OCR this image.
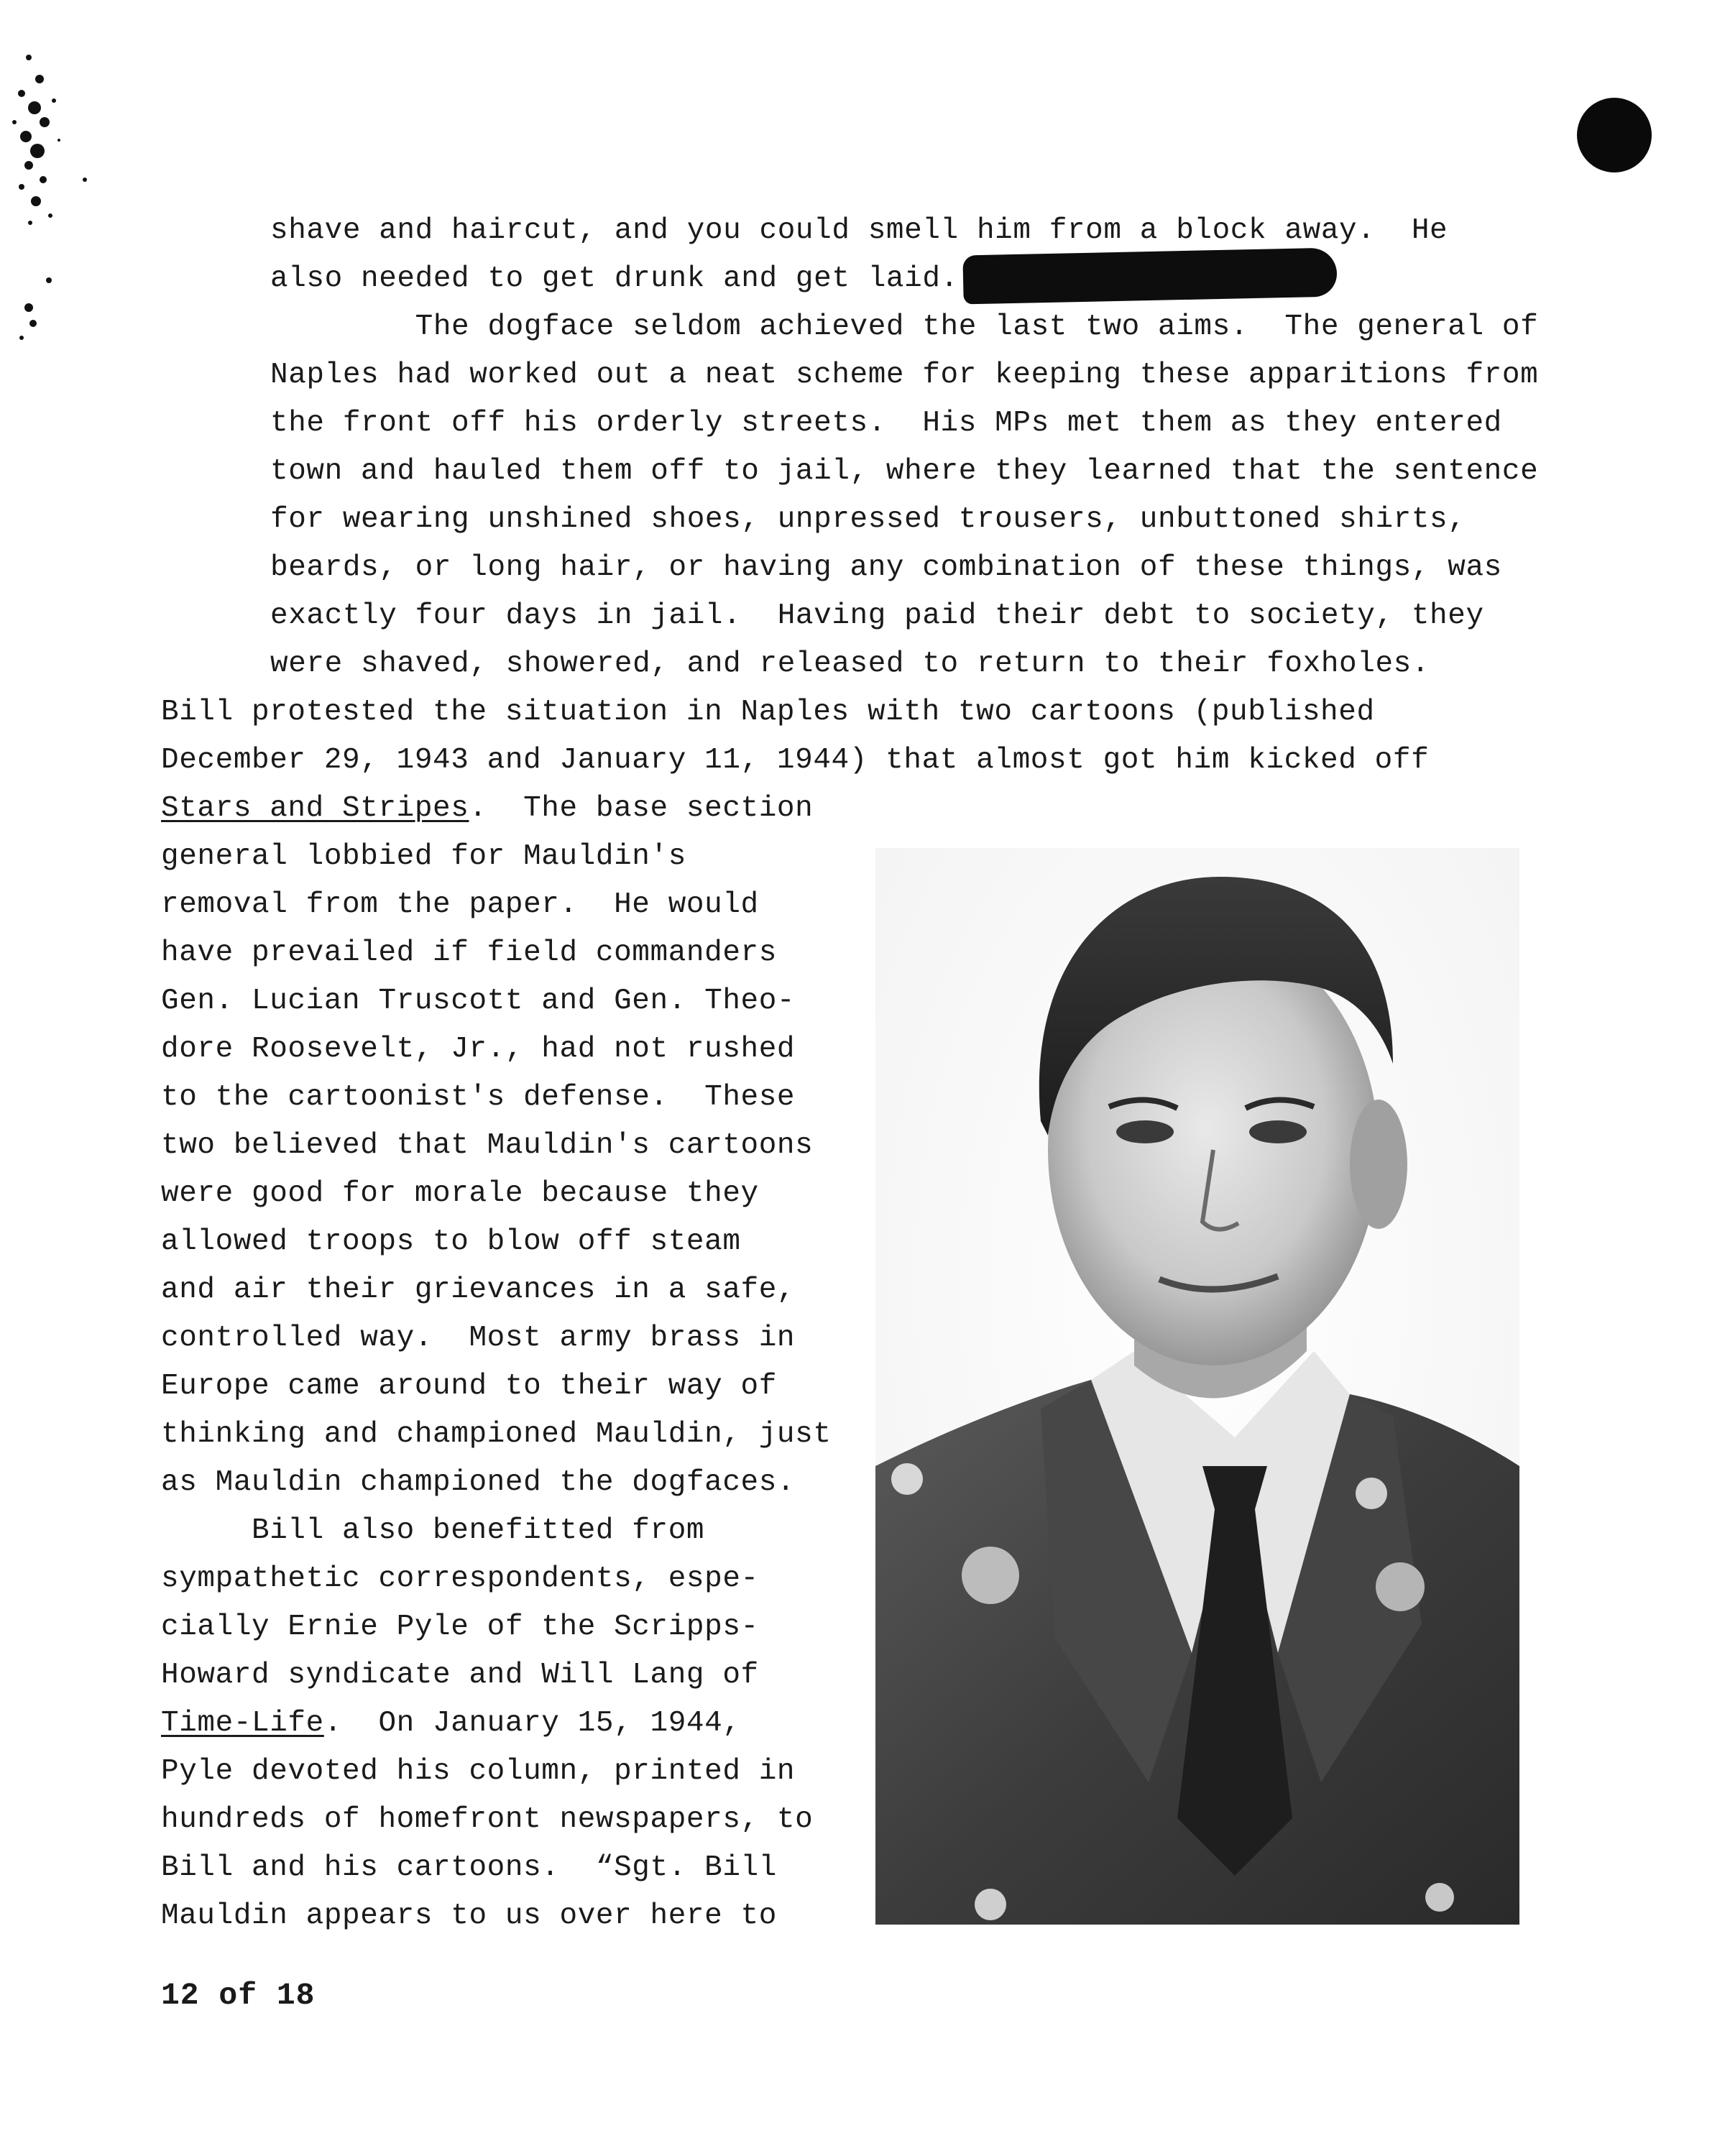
shave and haircut, and you could smell him from a block away.  He
also needed to get drunk and get laid.
The dogface seldom achieved the last two aims.  The general of
Naples had worked out a neat scheme for keeping these apparitions from
the front off his orderly streets.  His MPs met them as they entered
town and hauled them off to jail, where they learned that the sentence
for wearing unshined shoes, unpressed trousers, unbuttoned shirts,
beards, or long hair, or having any combination of these things, was
exactly four days in jail.  Having paid their debt to society, they
were shaved, showered, and released to return to their foxholes.
Bill protested the situation in Naples with two cartoons (published
December 29, 1943 and January 11, 1944) that almost got him kicked off
Stars and Stripes.  The base section
general lobbied for Mauldin's
removal from the paper.  He would
have prevailed if field commanders
Gen. Lucian Truscott and Gen. Theo-
dore Roosevelt, Jr., had not rushed
to the cartoonist's defense.  These
two believed that Mauldin's cartoons
were good for morale because they
allowed troops to blow off steam
and air their grievances in a safe,
controlled way.  Most army brass in
Europe came around to their way of
thinking and championed Mauldin, just
as Mauldin championed the dogfaces.
Bill also benefitted from
sympathetic correspondents, espe-
cially Ernie Pyle of the Scripps-
Howard syndicate and Will Lang of
Time-Life.  On January 15, 1944,
Pyle devoted his column, printed in
hundreds of homefront newspapers, to
Bill and his cartoons.  “Sgt. Bill
Mauldin appears to us over here to
12 of 18
